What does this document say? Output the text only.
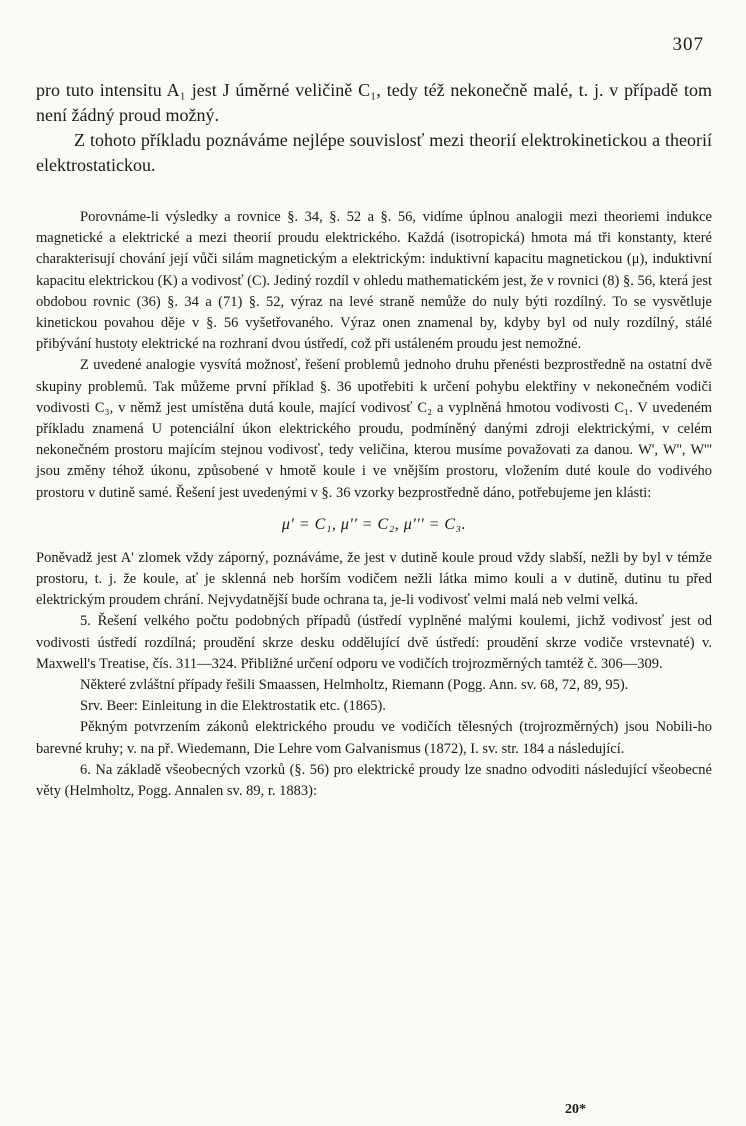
307

pro tuto intensitu A₁ jest J úměrné veličině C₁, tedy též nekonečně malé, t. j. v případě tom není žádný proud možný.

Z tohoto příkladu poznáváme nejlépe souvislosť mezi theorií elektrokinetickou a theorií elektrostatickou.

Porovnáme-li výsledky a rovnice §. 34, §. 52 a §. 56, vidíme úplnou analogii mezi theoriemi indukce magnetické a elektrické a mezi theorií proudu elektrického. Každá (isotropická) hmota má tři konstanty, které charakterisují chování její vůči silám magnetickým a elektrickým: induktivní kapacitu magnetickou (μ), induktivní kapacitu elektrickou (K) a vodivosť (C). Jediný rozdíl v ohledu mathematickém jest, že v rovnici (8) §. 56, která jest obdobou rovnic (36) §. 34 a (71) §. 52, výraz na levé straně nemůže do nuly býti rozdílný. To se vysvětluje kinetickou povahou děje v §. 56 vyšetřovaného. Výraz onen znamenal by, kdyby byl od nuly rozdílný, stálé přibývání hustoty elektrické na rozhraní dvou ústředí, což při ustáleném proudu jest nemožné.

Z uvedené analogie vysvítá možnosť, řešení problemů jednoho druhu přenésti bezprostředně na ostatní dvě skupiny problemů. Tak můžeme první příklad §. 36 upotřebiti k určení pohybu elektřiny v nekonečném vodiči vodivosti C₃, v němž jest umístěna dutá koule, mající vodivosť C₂ a vyplněná hmotou vodivosti C₁. V uvedeném příkladu znamená U potenciální úkon elektrického proudu, podmíněný danými zdroji elektrickými, v celém nekonečném prostoru majícím stejnou vodivosť, tedy veličina, kterou musíme považovati za danou. W', W'', W''' jsou změny téhož úkonu, způsobené v hmotě koule i ve vnějším prostoru, vložením duté koule do vodivého prostoru v dutině samé. Řešení jest uvedenými v §. 36 vzorky bezprostředně dáno, potřebujeme jen klásti:

μ' = C₁, μ'' = C₂, μ''' = C₃.

Poněvadž jest A' zlomek vždy záporný, poznáváme, že jest v dutině koule proud vždy slabší, nežli by byl v témže prostoru, t. j. že koule, ať je sklenná neb horším vodičem nežli látka mimo kouli a v dutině, dutinu tu před elektrickým proudem chrání. Nejvydatnější bude ochrana ta, je-li vodivosť velmi malá neb velmi velká.

5. Řešení velkého počtu podobných případů (ústředí vyplněné malými koulemi, jichž vodivosť jest od vodivosti ústředí rozdílná; proudění skrze desku oddělující dvě ústředí: proudění skrze vodiče vrstevnaté) v. Maxwell's Treatise, čís. 311—324. Přibližné určení odporu ve vodičích trojrozměrných tamtéž č. 306—309.

Některé zvláštní případy řešili Smaassen, Helmholtz, Riemann (Pogg. Ann. sv. 68, 72, 89, 95).

Srv. Beer: Einleitung in die Elektrostatik etc. (1865).

Pěkným potvrzením zákonů elektrického proudu ve vodičích tělesných (trojrozměrných) jsou Nobili-ho barevné kruhy; v. na př. Wiedemann, Die Lehre vom Galvanismus (1872), I. sv. str. 184 a následující.

6. Na základě všeobecných vzorků (§. 56) pro elektrické proudy lze snadno odvoditi následující všeobecné věty (Helmholtz, Pogg. Annalen sv. 89, r. 1883):

20*
